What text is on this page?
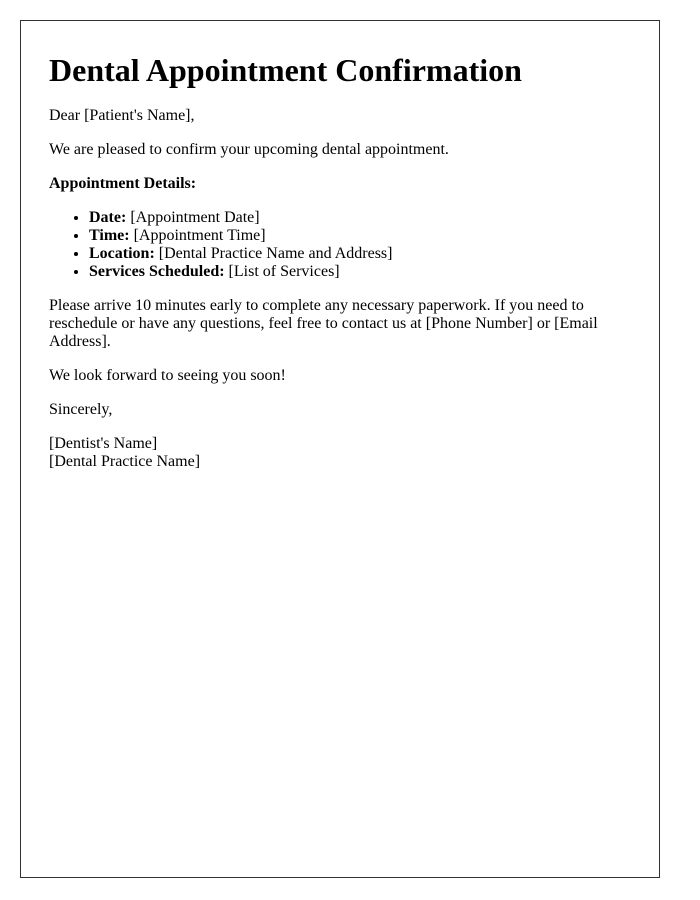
Dental Appointment Confirmation

Dear [Patient's Name],

We are pleased to confirm your upcoming dental appointment.

Appointment Details:

• Date: [Appointment Date]
• Time: [Appointment Time]
• Location: [Dental Practice Name and Address]
• Services Scheduled: [List of Services]

Please arrive 10 minutes early to complete any necessary paperwork. If you need to reschedule or have any questions, feel free to contact us at [Phone Number] or [Email Address].

We look forward to seeing you soon!

Sincerely,

[Dentist's Name]
[Dental Practice Name]
